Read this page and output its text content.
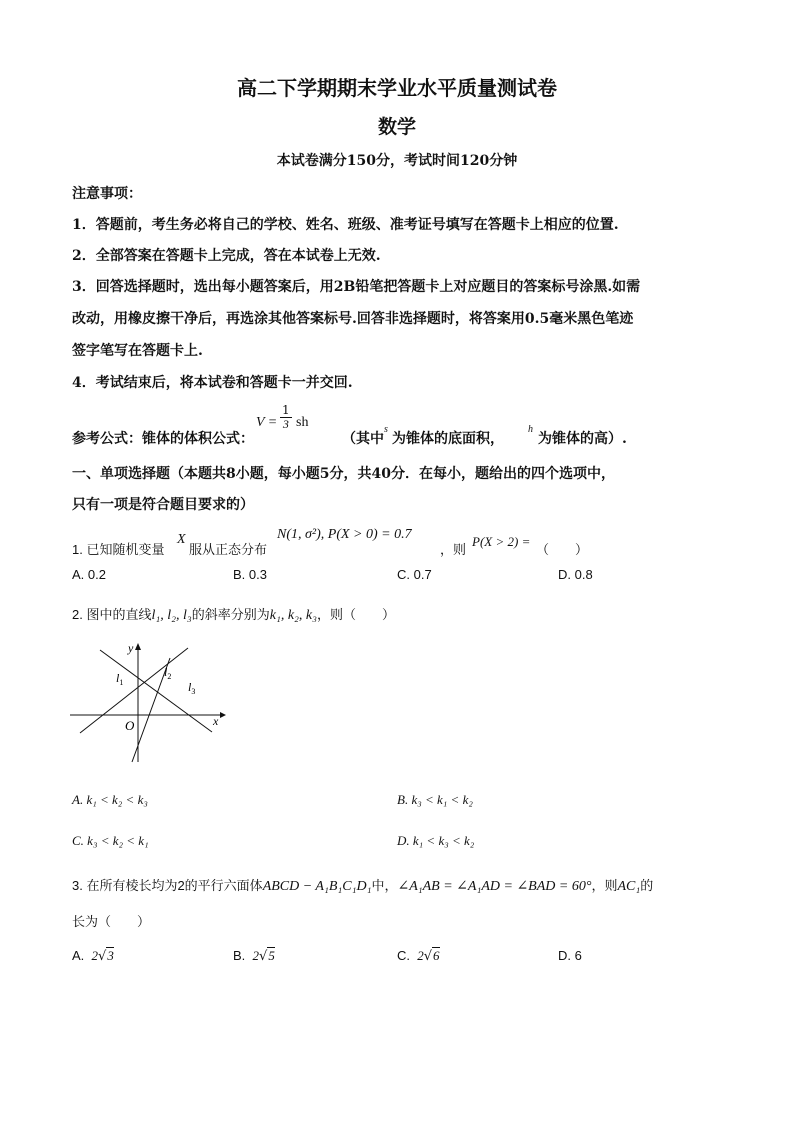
高二下学期期末学业水平质量测试卷
数学
本试卷满分150分，考试时间120分钟
注意事项：
1．答题前，考生务必将自己的学校、姓名、班级、准考证号填写在答题卡上相应的位置.
2．全部答案在答题卡上完成，答在本试卷上无效.
3．回答选择题时，选出每小题答案后，用2B铅笔把答题卡上对应题目的答案标号涂黑.如需
改动，用橡皮擦干净后，再选涂其他答案标号.回答非选择题时，将答案用0.5毫米黑色笔迹
签字笔写在答题卡上.
4．考试结束后，将本试卷和答题卡一并交回.
参考公式：锥体的体积公式：
$V = \frac{1}{3}$ sh
（其中
s
为锥体的底面积，
h
为锥体的高）.
一、单项选择题（本题共8小题，每小题5分，共40分．在每小，题给出的四个选项中，
只有一项是符合题目要求的）
1. 已知随机变量
X
服从正态分布
N(1, σ²), P(X > 0) = 0.7
，则
P(X > 2) =
（　　）
A. 0.2	B. 0.3	C. 0.7	D. 0.8
2. 图中的直线l₁, l₂, l₃的斜率分别为k₁, k₂, k₃，则（　　）
y
x
O
$l_1$
$l_2$
$l_3$
A. k₁ < k₂ < k₃	B. k₃ < k₁ < k₂
C. k₃ < k₂ < k₁	D. k₁ < k₃ < k₂
3. 在所有棱长均为2的平行六面体ABCD − A₁B₁C₁D₁中，∠A₁AB = ∠A₁AD = ∠BAD = 60°，则AC₁的
长为（　　）
A. 2√3	B. 2√5	C. 2√6	D. 6
